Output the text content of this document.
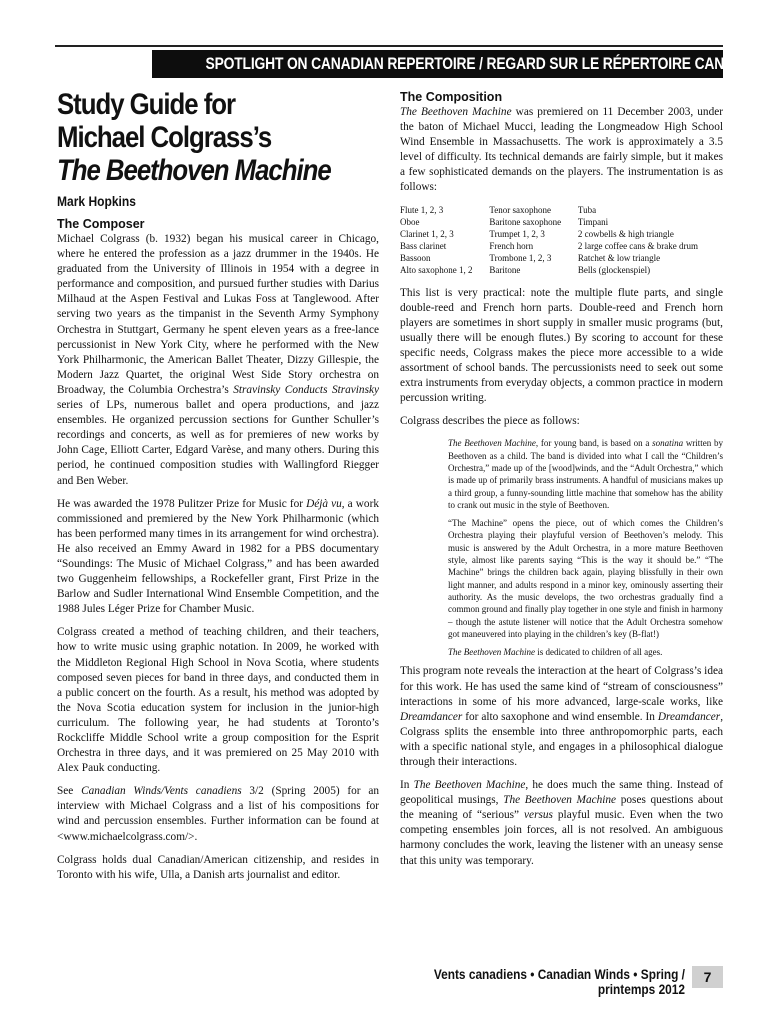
SPOTLIGHT ON CANADIAN REPERTOIRE / REGARD SUR LE RÉPERTOIRE CANADIEN
Study Guide for
Michael Colgrass’s
The Beethoven Machine
Mark Hopkins
The Composer

Michael Colgrass (b. 1932) began his musical career in Chicago, where he entered the profession as a jazz drummer in the 1940s. He graduated from the University of Illinois in 1954 with a degree in performance and composition, and pursued further studies with Darius Milhaud at the Aspen Festival and Lukas Foss at Tanglewood. After serving two years as the timpanist in the Seventh Army Symphony Orchestra in Stuttgart, Germany he spent eleven years as a free-lance percussionist in New York City, where he performed with the New York Philharmonic, the American Ballet Theater, Dizzy Gillespie, the Modern Jazz Quartet, the original West Side Story orchestra on Broadway, the Columbia Orchestra’s Stravinsky Conducts Stravinsky series of LPs, numerous ballet and opera productions, and jazz ensembles. He organized percussion sections for Gunther Schuller’s recordings and concerts, as well as for premieres of new works by John Cage, Elliott Carter, Edgard Varèse, and many others. During this period, he continued composition studies with Wallingford Riegger and Ben Weber.

He was awarded the 1978 Pulitzer Prize for Music for Déjà vu, a work commissioned and premiered by the New York Philharmonic (which has been performed many times in its arrangement for wind orchestra). He also received an Emmy Award in 1982 for a PBS documentary “Soundings: The Music of Michael Colgrass,” and has been awarded two Guggenheim fellowships, a Rockefeller grant, First Prize in the Barlow and Sudler International Wind Ensemble Competition, and the 1988 Jules Léger Prize for Chamber Music.

Colgrass created a method of teaching children, and their teachers, how to write music using graphic notation. In 2009, he worked with the Middleton Regional High School in Nova Scotia, where students composed seven pieces for band in three days, and conducted them in a public concert on the fourth. As a result, his method was adopted by the Nova Scotia education system for inclusion in the junior-high curriculum. The following year, he had students at Toronto’s Rockcliffe Middle School write a group composition for the Esprit Orchestra in three days, and it was premiered on 25 May 2010 with Alex Pauk conducting.

See Canadian Winds/Vents canadiens 3/2 (Spring 2005) for an interview with Michael Colgrass and a list of his compositions for wind and percussion ensembles. Further information can be found at <www.michaelcolgrass.com/>.

Colgrass holds dual Canadian/American citizenship, and resides in Toronto with his wife, Ulla, a Danish arts journalist and editor.

The Composition

The Beethoven Machine was premiered on 11 December 2003, under the baton of Michael Mucci, leading the Longmeadow High School Wind Ensemble in Massachusetts. The work is approximately a 3.5 level of difficulty. Its technical demands are fairly simple, but it makes a few sophisticated demands on the players. The instrumentation is as follows:

Flute 1, 2, 3	Tenor saxophone	Tuba
Oboe	Baritone saxophone	Timpani
Clarinet 1, 2, 3	Trumpet 1, 2, 3	2 cowbells & high triangle
Bass clarinet	French horn	2 large coffee cans & brake drum
Bassoon	Trombone 1, 2, 3	Ratchet & low triangle
Alto saxophone 1, 2	Baritone	Bells (glockenspiel)

This list is very practical: note the multiple flute parts, and single double-reed and French horn parts. Double-reed and French horn players are sometimes in short supply in smaller music programs (but, usually there will be enough flutes.) By scoring to account for these specific needs, Colgrass makes the piece more accessible to a wide assortment of school bands. The percussionists need to seek out some extra instruments from everyday objects, a common practice in modern percussion writing.

Colgrass describes the piece as follows:

The Beethoven Machine, for young band, is based on a sonatina written by Beethoven as a child. The band is divided into what I call the “Children’s Orchestra,” made up of the [wood]winds, and the “Adult Orchestra,” which is made up of primarily brass instruments. A handful of musicians makes up a third group, a funny-sounding little machine that somehow has the ability to crank out music in the style of Beethoven.

“The Machine” opens the piece, out of which comes the Children’s Orchestra playing their playfuful version of Beethoven’s melody. This music is answered by the Adult Orchestra, in a more mature Beethoven style, almost like parents saying “This is the way it should be.” “The Machine” brings the children back again, playing blissfully in their own light manner, and adults respond in a minor key, ominously asserting their authority. As the music develops, the two orchestras gradually find a common ground and finally play together in one style and finish in harmony – though the astute listener will notice that the Adult Orchestra somehow got maneuvered into playing in the children’s key (B-flat!)

The Beethoven Machine is dedicated to children of all ages.

This program note reveals the interaction at the heart of Colgrass’s idea for this work. He has used the same kind of “stream of consciousness” interactions in some of his more advanced, large-scale works, like Dreamdancer for alto saxophone and wind ensemble. In Dreamdancer, Colgrass splits the ensemble into three anthropomorphic parts, each with a specific national style, and engages in a philosophical dialogue through their interactions.

In The Beethoven Machine, he does much the same thing. Instead of geopolitical musings, The Beethoven Machine poses questions about the meaning of “serious” versus playful music. Even when the two competing ensembles join forces, all is not resolved. An ambiguous harmony concludes the work, leaving the listener with an uneasy sense that this unity was temporary.

Vents canadiens • Canadian Winds • Spring / printemps 2012
7
